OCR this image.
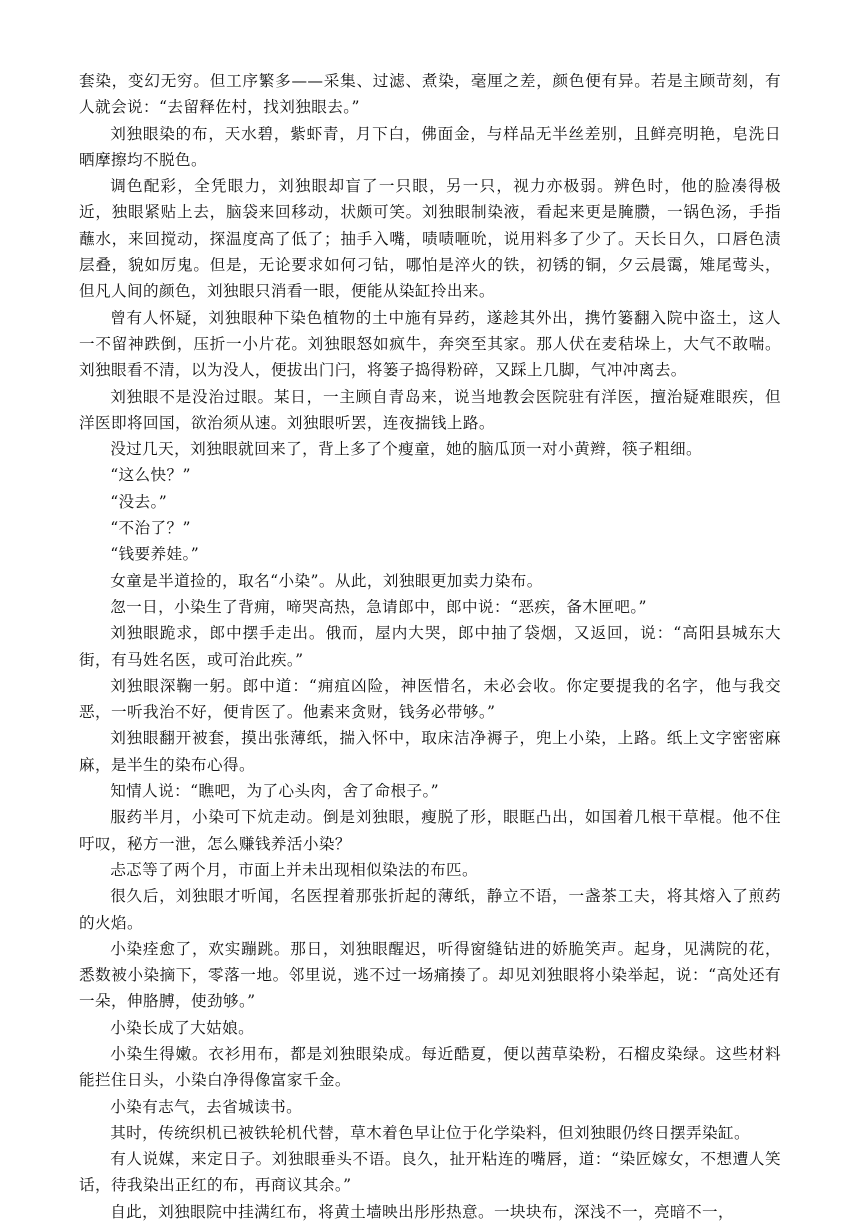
套染，变幻无穷。但工序繁多——采集、过滤、煮染，毫厘之差，颜色便有异。若是主顾苛刻，有人就会说：“去留释佐村，找刘独眼去。”

刘独眼染的布，天水碧，紫虾青，月下白，佛面金，与样品无半丝差别，且鲜亮明艳，皂洗日晒摩擦均不脱色。

调色配彩，全凭眼力，刘独眼却盲了一只眼，另一只，视力亦极弱。辨色时，他的脸凑得极近，独眼紧贴上去，脑袋来回移动，状颇可笑。刘独眼制染液，看起来更是腌臜，一锅色汤，手指蘸水，来回搅动，探温度高了低了；抽手入嘴，啧啧咂吮，说用料多了少了。天长日久，口唇色渍层叠，貌如厉鬼。但是，无论要求如何刁钻，哪怕是淬火的铁，初锈的铜，夕云晨霭，雉尾莺头，但凡人间的颜色，刘独眼只消看一眼，便能从染缸拎出来。

曾有人怀疑，刘独眼种下染色植物的土中施有异药，遂趁其外出，携竹篓翻入院中盗土，这人一不留神跌倒，压折一小片花。刘独眼怒如疯牛，奔突至其家。那人伏在麦秸垛上，大气不敢喘。刘独眼看不清，以为没人，便拔出门闩，将篓子捣得粉碎，又踩上几脚，气冲冲离去。

刘独眼不是没治过眼。某日，一主顾自青岛来，说当地教会医院驻有洋医，擅治疑难眼疾，但洋医即将回国，欲治须从速。刘独眼听罢，连夜揣钱上路。

没过几天，刘独眼就回来了，背上多了个瘦童，她的脑瓜顶一对小黄辫，筷子粗细。

“这么快？”

“没去。”

“不治了？”

“钱要养娃。”

女童是半道捡的，取名“小染”。从此，刘独眼更加卖力染布。

忽一日，小染生了背痈，啼哭高热，急请郎中，郎中说：“恶疾，备木匣吧。”

刘独眼跪求，郎中摆手走出。俄而，屋内大哭，郎中抽了袋烟，又返回，说：“高阳县城东大街，有马姓名医，或可治此疾。”

刘独眼深鞠一躬。郎中道：“痈疽凶险，神医惜名，未必会收。你定要提我的名字，他与我交恶，一听我治不好，便肯医了。他素来贪财，钱务必带够。”

刘独眼翻开被套，摸出张薄纸，揣入怀中，取床洁净褥子，兜上小染，上路。纸上文字密密麻麻，是半生的染布心得。

知情人说：“瞧吧，为了心头肉，舍了命根子。”

服药半月，小染可下炕走动。倒是刘独眼，瘦脱了形，眼眶凸出，如国着几根干草棍。他不住吁叹，秘方一泄，怎么赚钱养活小染？

忐忑等了两个月，市面上并未出现相似染法的布匹。

很久后，刘独眼才听闻，名医捏着那张折起的薄纸，静立不语，一盏茶工夫，将其熔入了煎药的火焰。

小染痊愈了，欢实蹦跳。那日，刘独眼醒迟，听得窗缝钻进的娇脆笑声。起身，见满院的花，悉数被小染摘下，零落一地。邻里说，逃不过一场痛揍了。却见刘独眼将小染举起，说：“高处还有一朵，伸胳膊，使劲够。”

小染长成了大姑娘。

小染生得嫩。衣衫用布，都是刘独眼染成。每近酷夏，便以茜草染粉，石榴皮染绿。这些材料能拦住日头，小染白净得像富家千金。

小染有志气，去省城读书。

其时，传统织机已被铁轮机代替，草木着色早让位于化学染料，但刘独眼仍终日摆弄染缸。

有人说媒，来定日子。刘独眼垂头不语。良久，扯开粘连的嘴唇，道：“染匠嫁女，不想遭人笑话，待我染出正红的布，再商议其余。”

自此，刘独眼院中挂满红布，将黄土墙映出彤彤热意。一块块布，深浅不一，亮暗不一，
